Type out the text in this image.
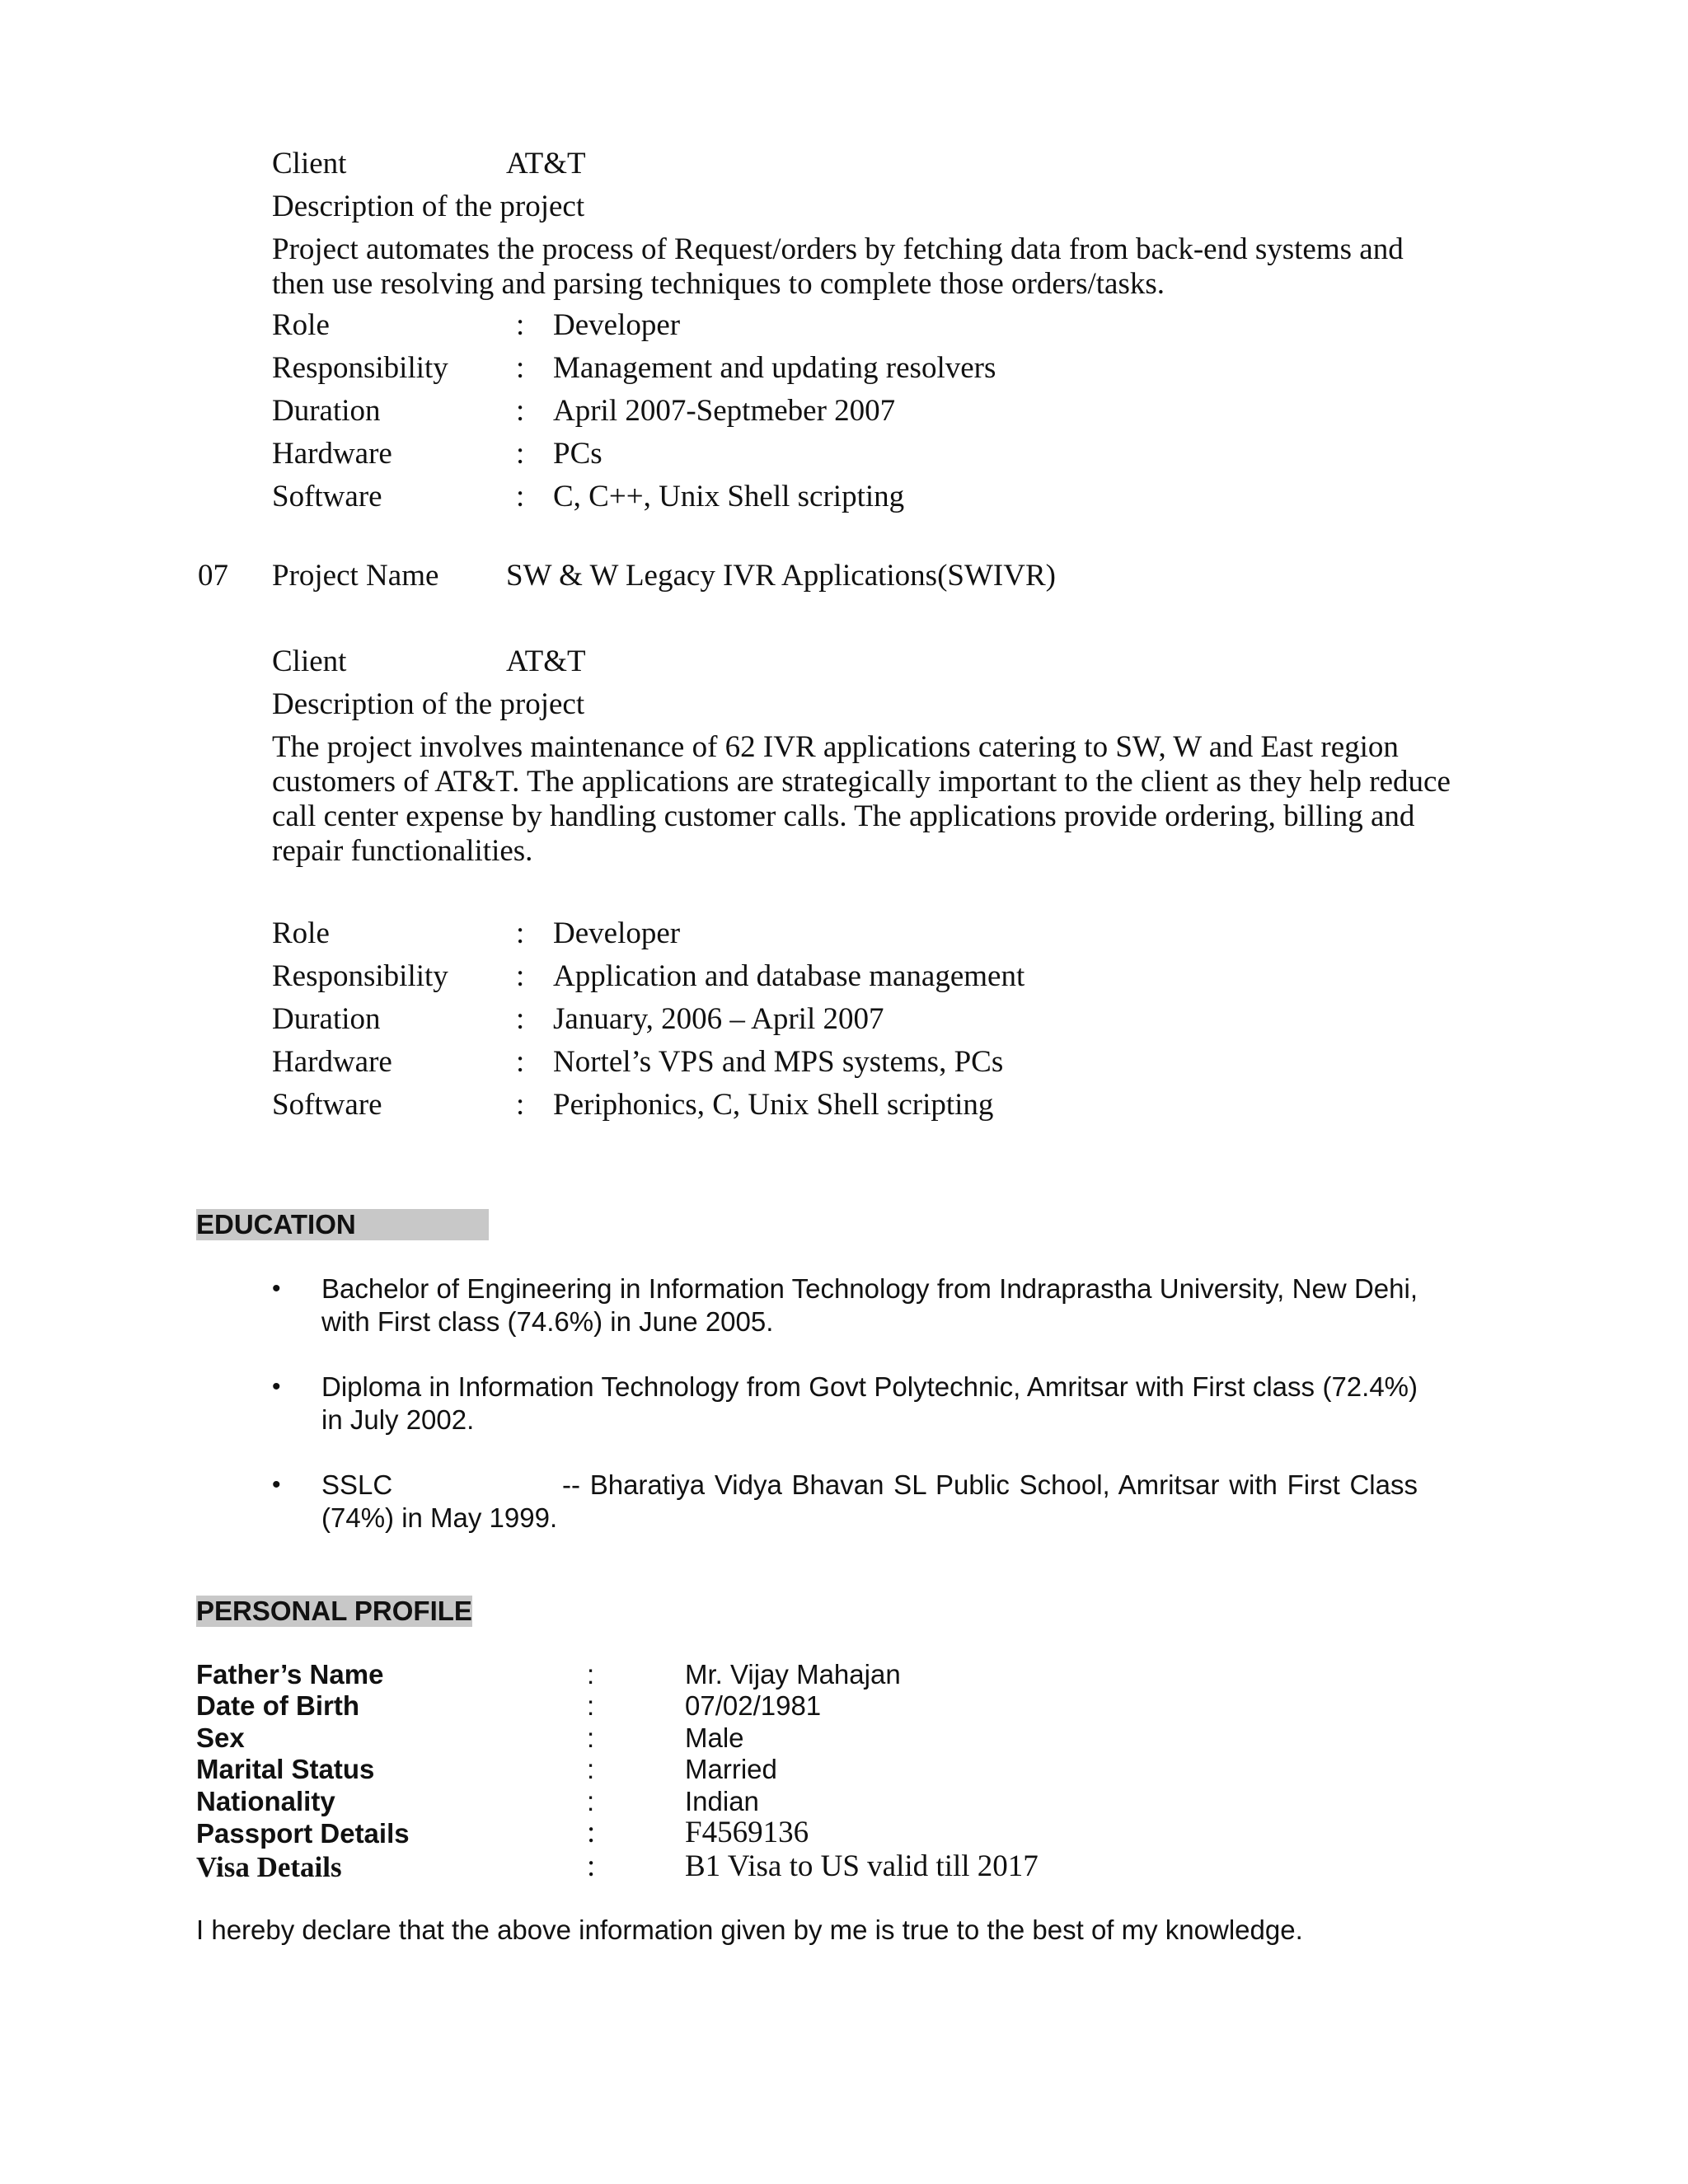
Client	AT&T
Description of the project
Project automates the process of Request/orders by fetching data from back-end systems and then use resolving and parsing techniques to complete those orders/tasks.
Role	: Developer
Responsibility : Management and updating resolvers
Duration	: April 2007-Septmeber 2007
Hardware	: PCs
Software	: C, C++, Unix Shell scripting
07 Project Name SW & W Legacy IVR Applications(SWIVR)
Client	AT&T
Description of the project
The project involves maintenance of 62 IVR applications catering to SW, W and East region customers of AT&T. The applications are strategically important to the client as they help reduce call center expense by handling customer calls. The applications provide ordering, billing and repair functionalities.
Role	: Developer
Responsibility : Application and database management
Duration	: January, 2006 – April 2007
Hardware	: Nortel’s VPS and MPS systems, PCs
Software	: Periphonics, C, Unix Shell scripting
EDUCATION
• Bachelor of Engineering in Information Technology from Indraprastha University, New Dehi, with First class (74.6%) in June 2005.
• Diploma in Information Technology from Govt Polytechnic, Amritsar with First class (72.4%) in July 2002.
• SSLC	-- Bharatiya Vidya Bhavan SL Public School, Amritsar with First Class (74%) in May 1999.
PERSONAL PROFILE
Father’s Name	:	Mr. Vijay Mahajan
Date of Birth	:	07/02/1981
Sex	:	Male
Marital Status	:	Married
Nationality	:	Indian
Passport Details	:	F4569136
Visa Details	:	B1 Visa to US valid till 2017
I hereby declare that the above information given by me is true to the best of my knowledge.
